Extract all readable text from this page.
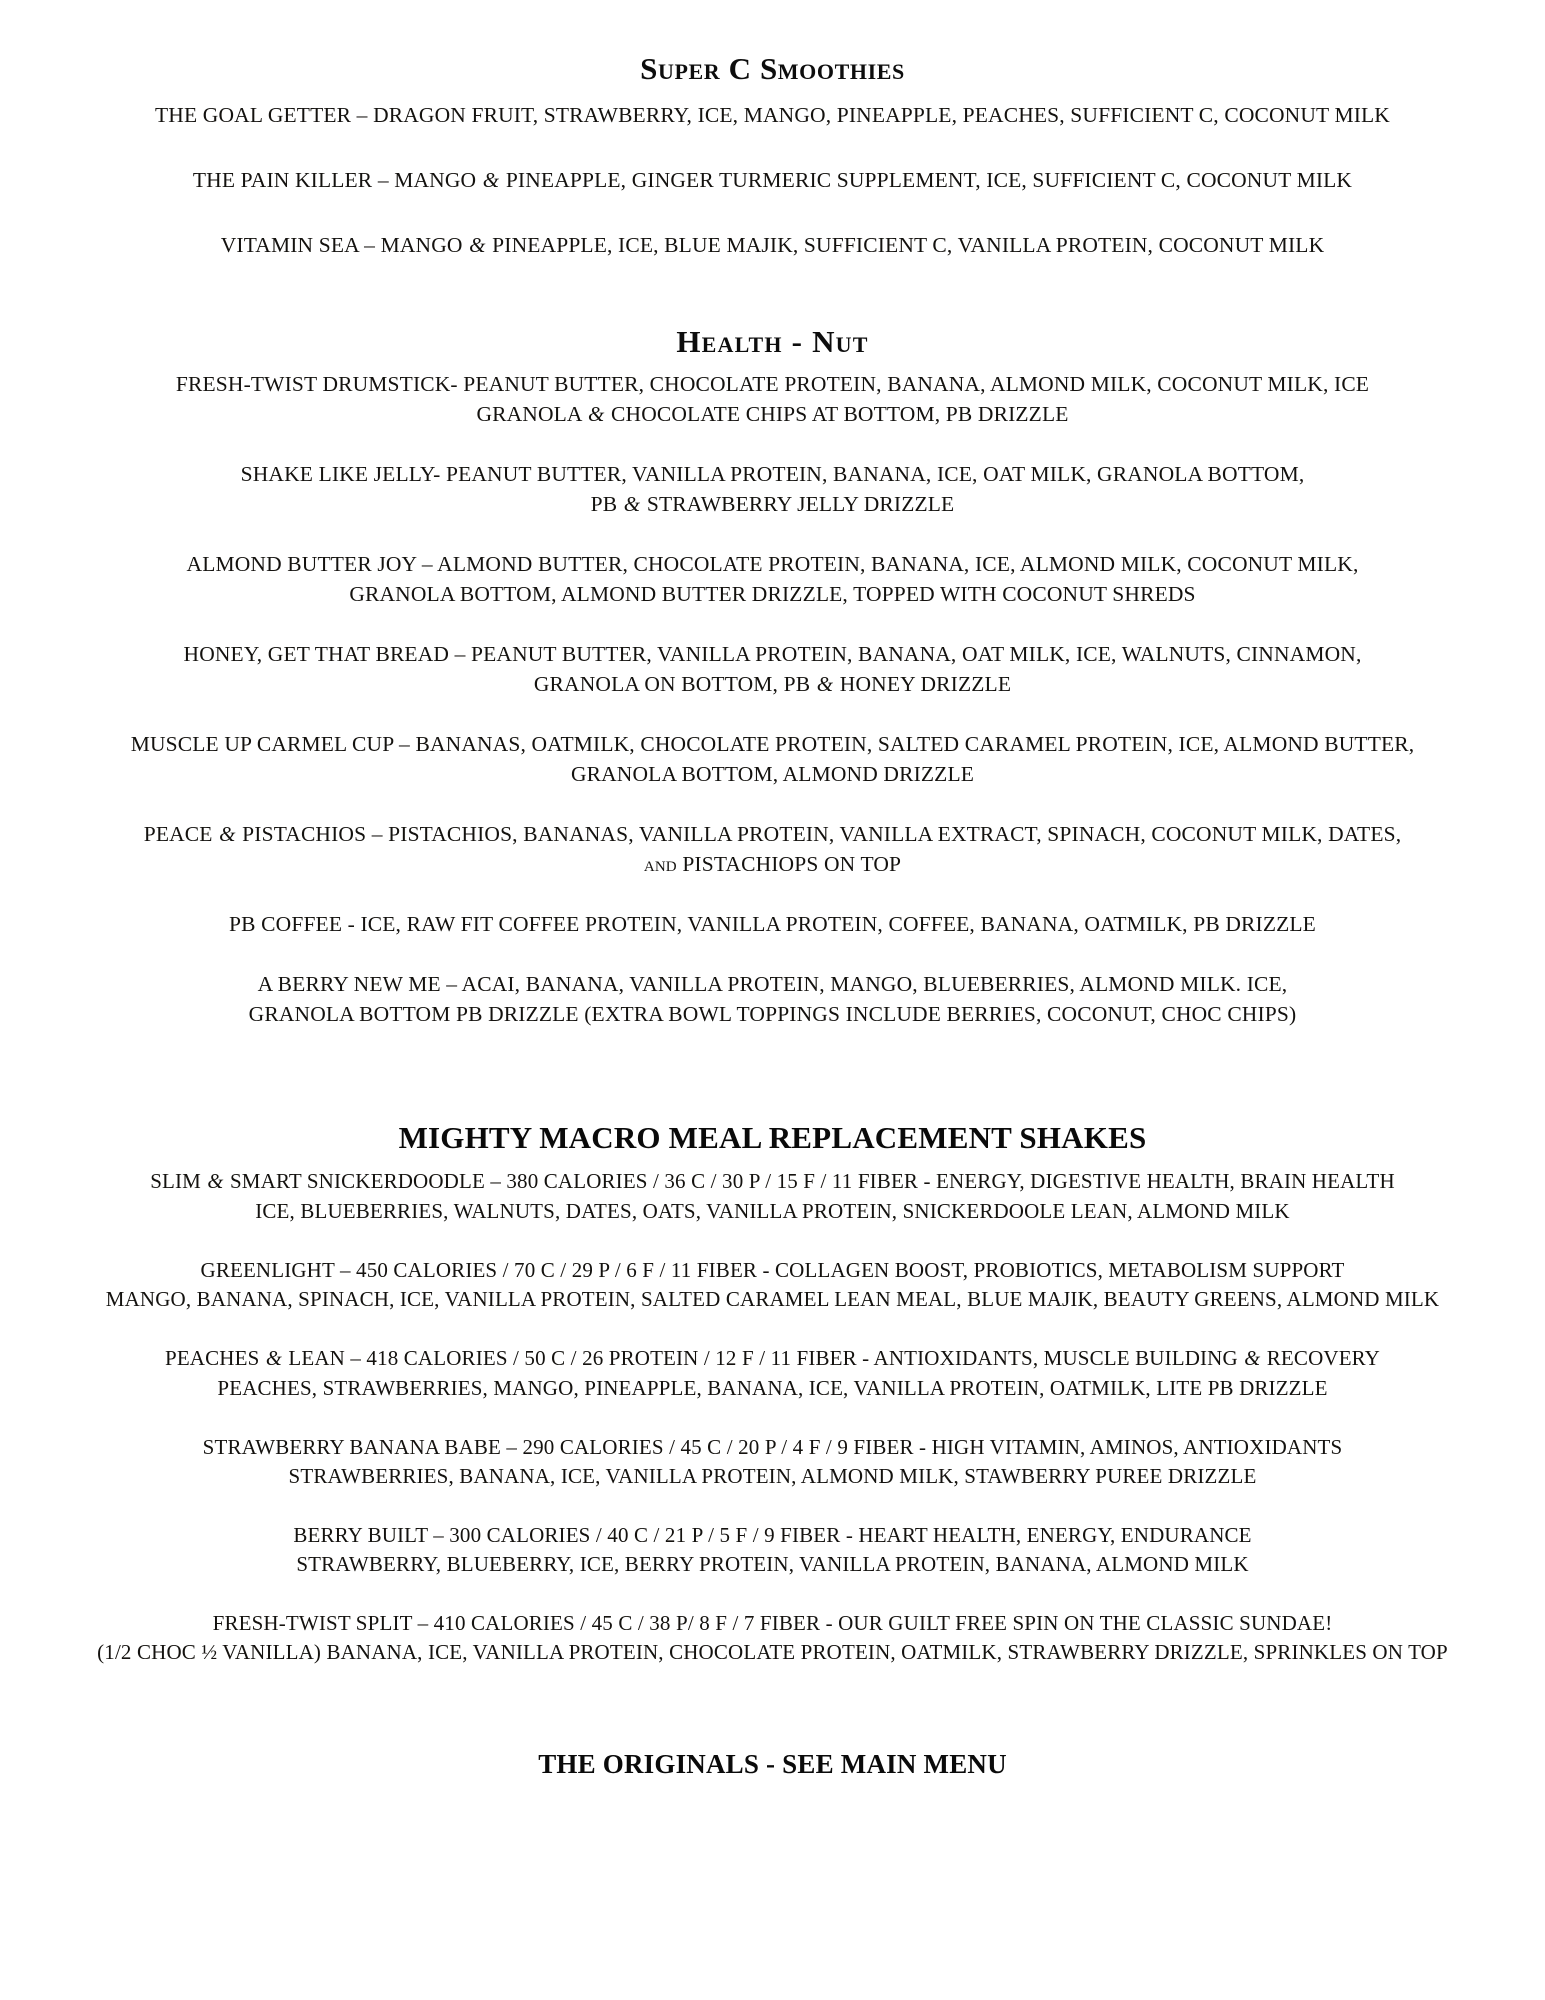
Super C Smoothies
THE GOAL GETTER – DRAGON FRUIT, STRAWBERRY, ICE, MANGO, PINEAPPLE, PEACHES, SUFFICIENT C, COCONUT MILK
THE PAIN KILLER – MANGO & PINEAPPLE, GINGER TURMERIC SUPPLEMENT, ICE, SUFFICIENT C, COCONUT MILK
VITAMIN SEA – MANGO & PINEAPPLE, ICE, BLUE MAJIK, SUFFICIENT C, VANILLA PROTEIN, COCONUT MILK
Health - Nut
FRESH-TWIST DRUMSTICK- PEANUT BUTTER, CHOCOLATE PROTEIN, BANANA, ALMOND MILK, COCONUT MILK, ICE
GRANOLA & CHOCOLATE CHIPS AT BOTTOM, PB DRIZZLE
SHAKE LIKE JELLY- PEANUT BUTTER, VANILLA PROTEIN, BANANA, ICE, OAT MILK, GRANOLA BOTTOM,
PB & STRAWBERRY JELLY DRIZZLE
ALMOND BUTTER JOY – ALMOND BUTTER, CHOCOLATE PROTEIN, BANANA, ICE, ALMOND MILK, COCONUT MILK,
GRANOLA BOTTOM, ALMOND BUTTER DRIZZLE, TOPPED WITH COCONUT SHREDS
HONEY, GET THAT BREAD – PEANUT BUTTER, VANILLA PROTEIN, BANANA, OAT MILK, ICE, WALNUTS, CINNAMON,
GRANOLA ON BOTTOM, PB & HONEY DRIZZLE
MUSCLE UP CARMEL CUP – BANANAS, OATMILK, CHOCOLATE PROTEIN, SALTED CARAMEL PROTEIN, ICE, ALMOND BUTTER,
GRANOLA BOTTOM, ALMOND DRIZZLE
PEACE & PISTACHIOS – PISTACHIOS, BANANAS, VANILLA PROTEIN, VANILLA EXTRACT, SPINACH, COCONUT MILK, DATES,
and PISTACHIOPS ON TOP
PB COFFEE - ICE, RAW FIT COFFEE PROTEIN, VANILLA PROTEIN, COFFEE, BANANA, OATMILK, PB DRIZZLE
A BERRY NEW ME – ACAI, BANANA, VANILLA PROTEIN, MANGO, BLUEBERRIES, ALMOND MILK. ICE,
GRANOLA BOTTOM PB DRIZZLE (EXTRA BOWL TOPPINGS INCLUDE BERRIES, COCONUT, CHOC CHIPS)
MIGHTY MACRO MEAL REPLACEMENT SHAKES
SLIM & SMART SNICKERDOODLE – 380 CALORIES / 36 C / 30 P / 15 F / 11 FIBER - ENERGY, DIGESTIVE HEALTH, BRAIN HEALTH
ICE, BLUEBERRIES, WALNUTS, DATES, OATS, VANILLA PROTEIN, SNICKERDOOLE LEAN, ALMOND MILK
GREENLIGHT – 450 CALORIES / 70 C / 29 P / 6 F / 11 FIBER - COLLAGEN BOOST, PROBIOTICS, METABOLISM SUPPORT
MANGO, BANANA, SPINACH, ICE, VANILLA PROTEIN, SALTED CARAMEL LEAN MEAL, BLUE MAJIK, BEAUTY GREENS, ALMOND MILK
PEACHES & LEAN – 418 CALORIES / 50 C / 26 PROTEIN / 12 F / 11 FIBER - ANTIOXIDANTS, MUSCLE BUILDING & RECOVERY
PEACHES, STRAWBERRIES, MANGO, PINEAPPLE, BANANA, ICE, VANILLA PROTEIN, OATMILK, LITE PB DRIZZLE
STRAWBERRY BANANA BABE – 290 CALORIES / 45 C / 20 P / 4 F / 9 FIBER - HIGH VITAMIN, AMINOS, ANTIOXIDANTS
STRAWBERRIES, BANANA, ICE, VANILLA PROTEIN, ALMOND MILK, STAWBERRY PUREE DRIZZLE
BERRY BUILT – 300 CALORIES / 40 C / 21 P / 5 F / 9 FIBER - HEART HEALTH, ENERGY, ENDURANCE
STRAWBERRY, BLUEBERRY, ICE, BERRY PROTEIN, VANILLA PROTEIN, BANANA, ALMOND MILK
FRESH-TWIST SPLIT – 410 CALORIES / 45 C / 38 P/ 8 F / 7 FIBER - OUR GUILT FREE SPIN ON THE CLASSIC SUNDAE!
(1/2 CHOC ½ VANILLA) BANANA, ICE, VANILLA PROTEIN, CHOCOLATE PROTEIN, OATMILK, STRAWBERRY DRIZZLE, SPRINKLES ON TOP
THE ORIGINALS - SEE MAIN MENU
